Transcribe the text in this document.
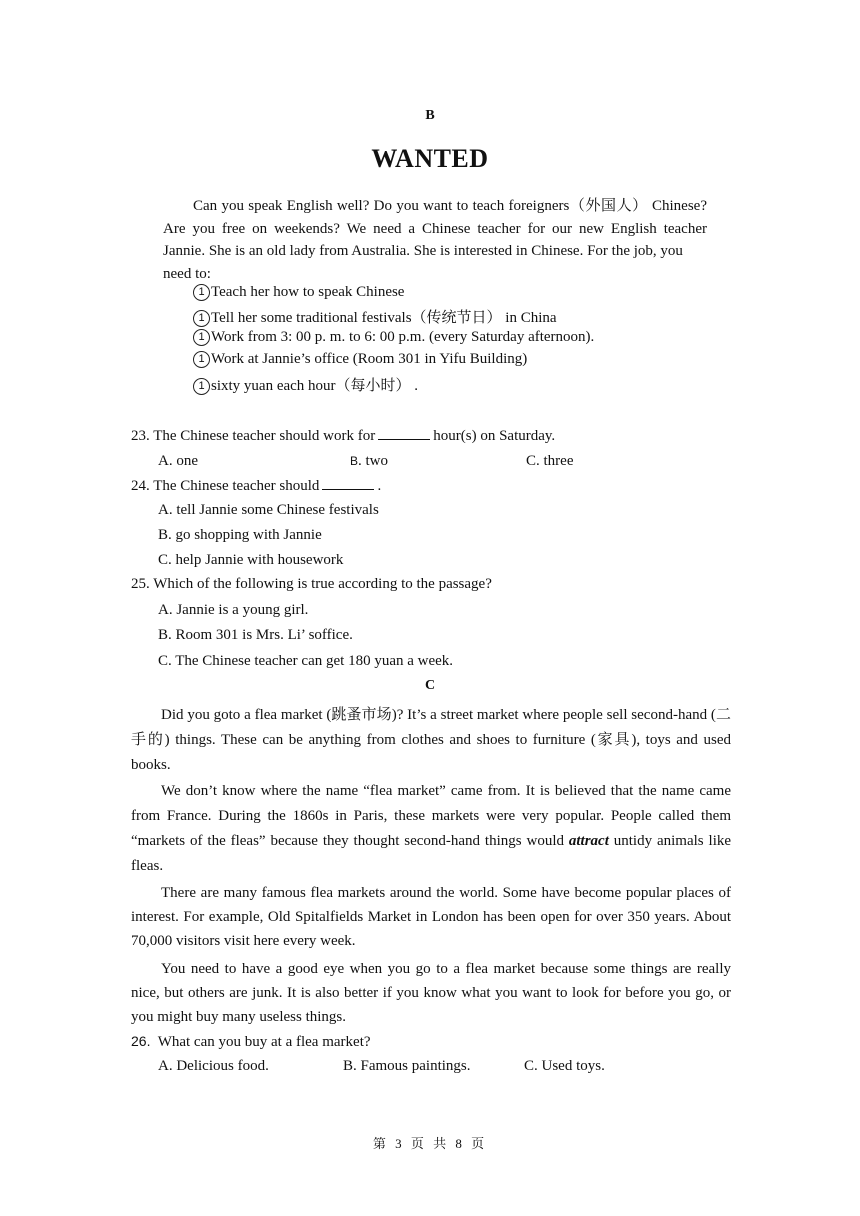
B
WANTED
Can you speak English well? Do you want to teach foreigners（外国人） Chinese? Are you free on weekends? We need a Chinese teacher for our new English teacher Jannie. She is an old lady from Australia. She is interested in Chinese. For the job, you
need to:
1 Teach her how to speak Chinese
1 Tell her some traditional festivals（传统节日） in China
1 Work from 3: 00 p. m. to 6: 00 p.m. (every Saturday afternoon).
1 Work at Jannie’s office (Room 301 in Yifu Building)
1 sixty yuan each hour（每小时） .
23. The Chinese teacher should work for	hour(s) on Saturday.
A. one	B. two	C. three
24. The Chinese teacher should	.
A. tell Jannie some Chinese festivals
B. go shopping with Jannie
C. help Jannie with housework
25. Which of the following is true according to the passage?
A. Jannie is a young girl.
B. Room 301 is Mrs. Li’ soffice.
C. The Chinese teacher can get 180 yuan a week.
C
Did you goto a flea market (跳蚤市场)? It’s a street market where people sell second-hand (二手的) things. These can be anything from clothes and shoes to furniture (家具), toys and used books.
We don’t know where the name “flea market” came from. It is believed that the name came from France. During the 1860s in Paris, these markets were very popular. People called them “markets of the fleas” because they thought second-hand things would attract untidy animals like fleas.
There are many famous flea markets around the world. Some have become popular places of interest. For example, Old Spitalfields Market in London has been open for over 350 years. About 70,000 visitors visit here every week.
You need to have a good eye when you go to a flea market because some things are really nice, but others are junk. It is also better if you know what you want to look for before you go, or you might buy many useless things.
26. What can you buy at a flea market?
A. Delicious food.	B. Famous paintings.	C. Used toys.
第 3 页 共 8 页
